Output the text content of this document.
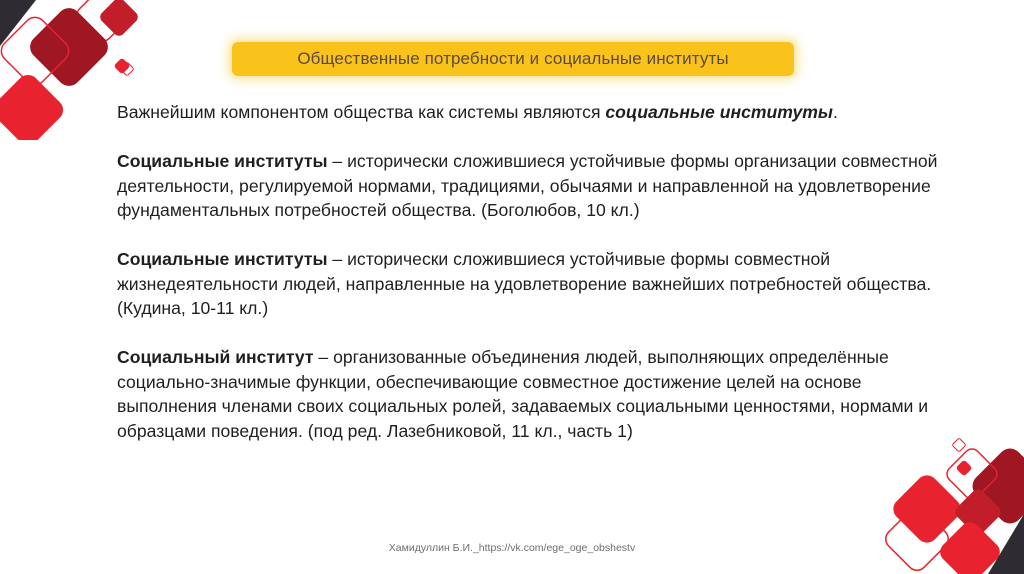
Общественные потребности и социальные институты

Важнейшим компонентом общества как системы являются социальные институты.

Социальные институты – исторически сложившиеся устойчивые формы организации совместной деятельности, регулируемой нормами, традициями, обычаями и направленной на удовлетворение фундаментальных потребностей общества. (Боголюбов, 10 кл.)

Социальные институты – исторически сложившиеся устойчивые формы совместной жизнедеятельности людей, направленные на удовлетворение важнейших потребностей общества. (Кудина, 10-11 кл.)

Социальный институт – организованные объединения людей, выполняющих определённые социально-значимые функции, обеспечивающие совместное достижение целей на основе выполнения членами своих социальных ролей, задаваемых социальными ценностями, нормами и образцами поведения. (под ред. Лазебниковой, 11 кл., часть 1)

Хамидуллин Б.И._https://vk.com/ege_oge_obshestv
